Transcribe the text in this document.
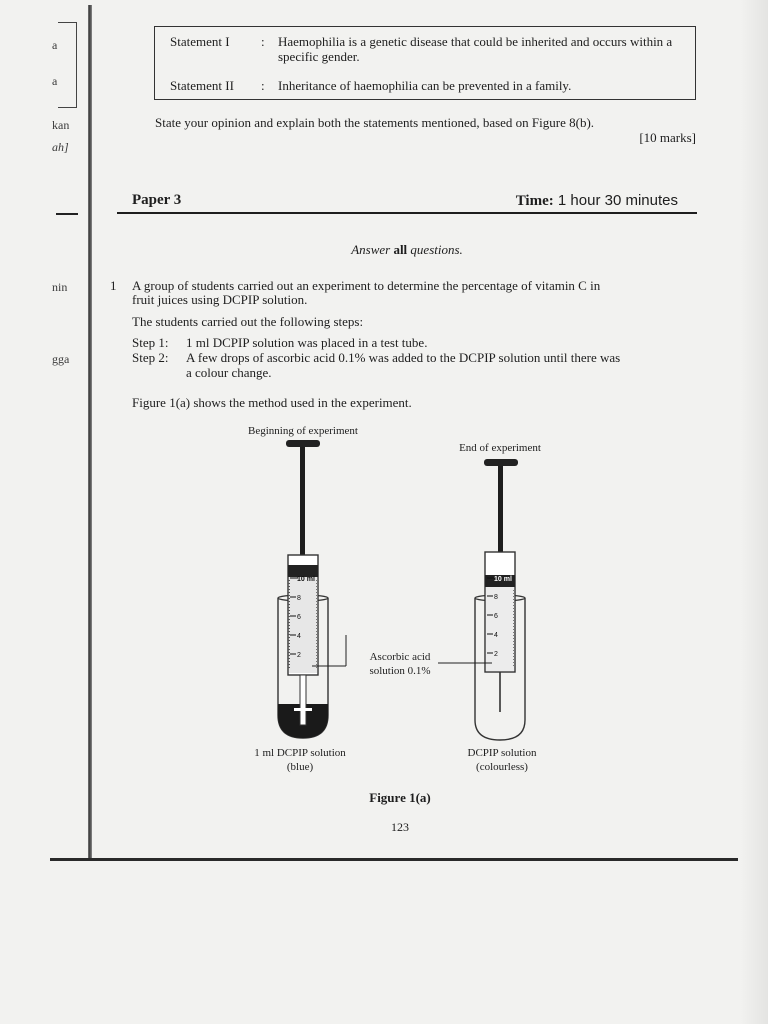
a
a
kan
ah]
nin
gga
Statement I : Haemophilia is a genetic disease that could be inherited and occurs within a specific gender.
Statement II : Inheritance of haemophilia can be prevented in a family.
State your opinion and explain both the statements mentioned, based on Figure 8(b).
[10 marks]
Paper 3	Time: 1 hour 30 minutes
Answer all questions.
1 A group of students carried out an experiment to determine the percentage of vitamin C in
fruit juices using DCPIP solution.
The students carried out the following steps:
Step 1: 1 ml DCPIP solution was placed in a test tube.
Step 2: A few drops of ascorbic acid 0.1% was added to the DCPIP solution until there was
a colour change.
Figure 1(a) shows the method used in the experiment.
Beginning of experiment
End of experiment
Ascorbic acid
solution 0.1%
1 ml DCPIP solution
(blue)
DCPIP solution
(colourless)
10 ml
8
6
4
2
10 ml
8
6
4
2
Figure 1(a)
123
